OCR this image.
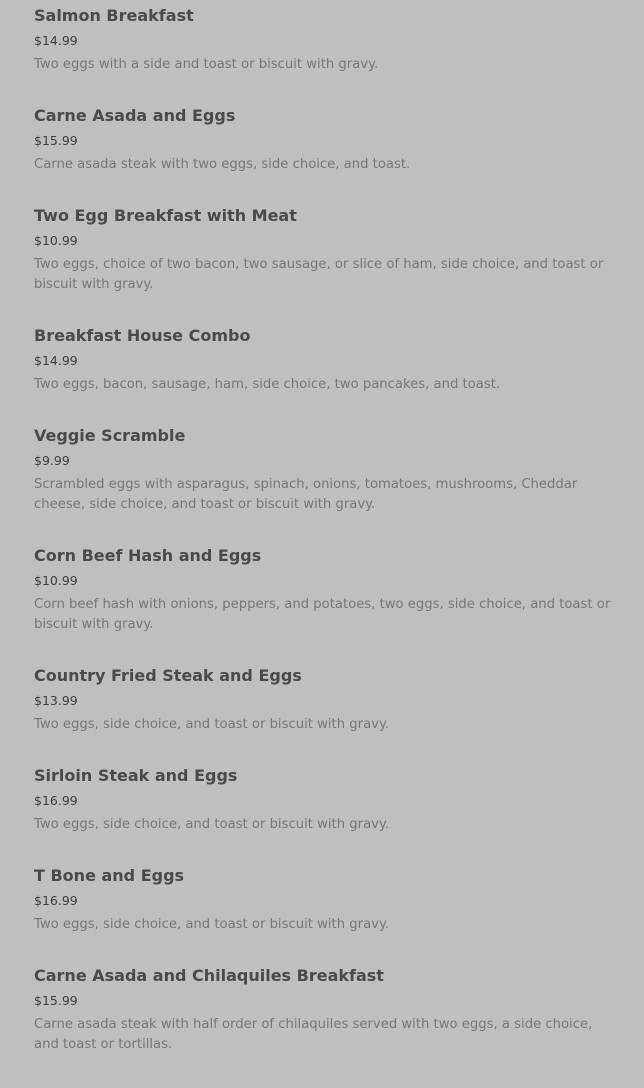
Salmon Breakfast
$14.99
Two eggs with a side and toast or biscuit with gravy.
Carne Asada and Eggs
$15.99
Carne asada steak with two eggs, side choice, and toast.
Two Egg Breakfast with Meat
$10.99
Two eggs, choice of two bacon, two sausage, or slice of ham, side choice, and toast or biscuit with gravy.
Breakfast House Combo
$14.99
Two eggs, bacon, sausage, ham, side choice, two pancakes, and toast.
Veggie Scramble
$9.99
Scrambled eggs with asparagus, spinach, onions, tomatoes, mushrooms, Cheddar cheese, side choice, and toast or biscuit with gravy.
Corn Beef Hash and Eggs
$10.99
Corn beef hash with onions, peppers, and potatoes, two eggs, side choice, and toast or biscuit with gravy.
Country Fried Steak and Eggs
$13.99
Two eggs, side choice, and toast or biscuit with gravy.
Sirloin Steak and Eggs
$16.99
Two eggs, side choice, and toast or biscuit with gravy.
T Bone and Eggs
$16.99
Two eggs, side choice, and toast or biscuit with gravy.
Carne Asada and Chilaquiles Breakfast
$15.99
Carne asada steak with half order of chilaquiles served with two eggs, a side choice, and toast or tortillas.
